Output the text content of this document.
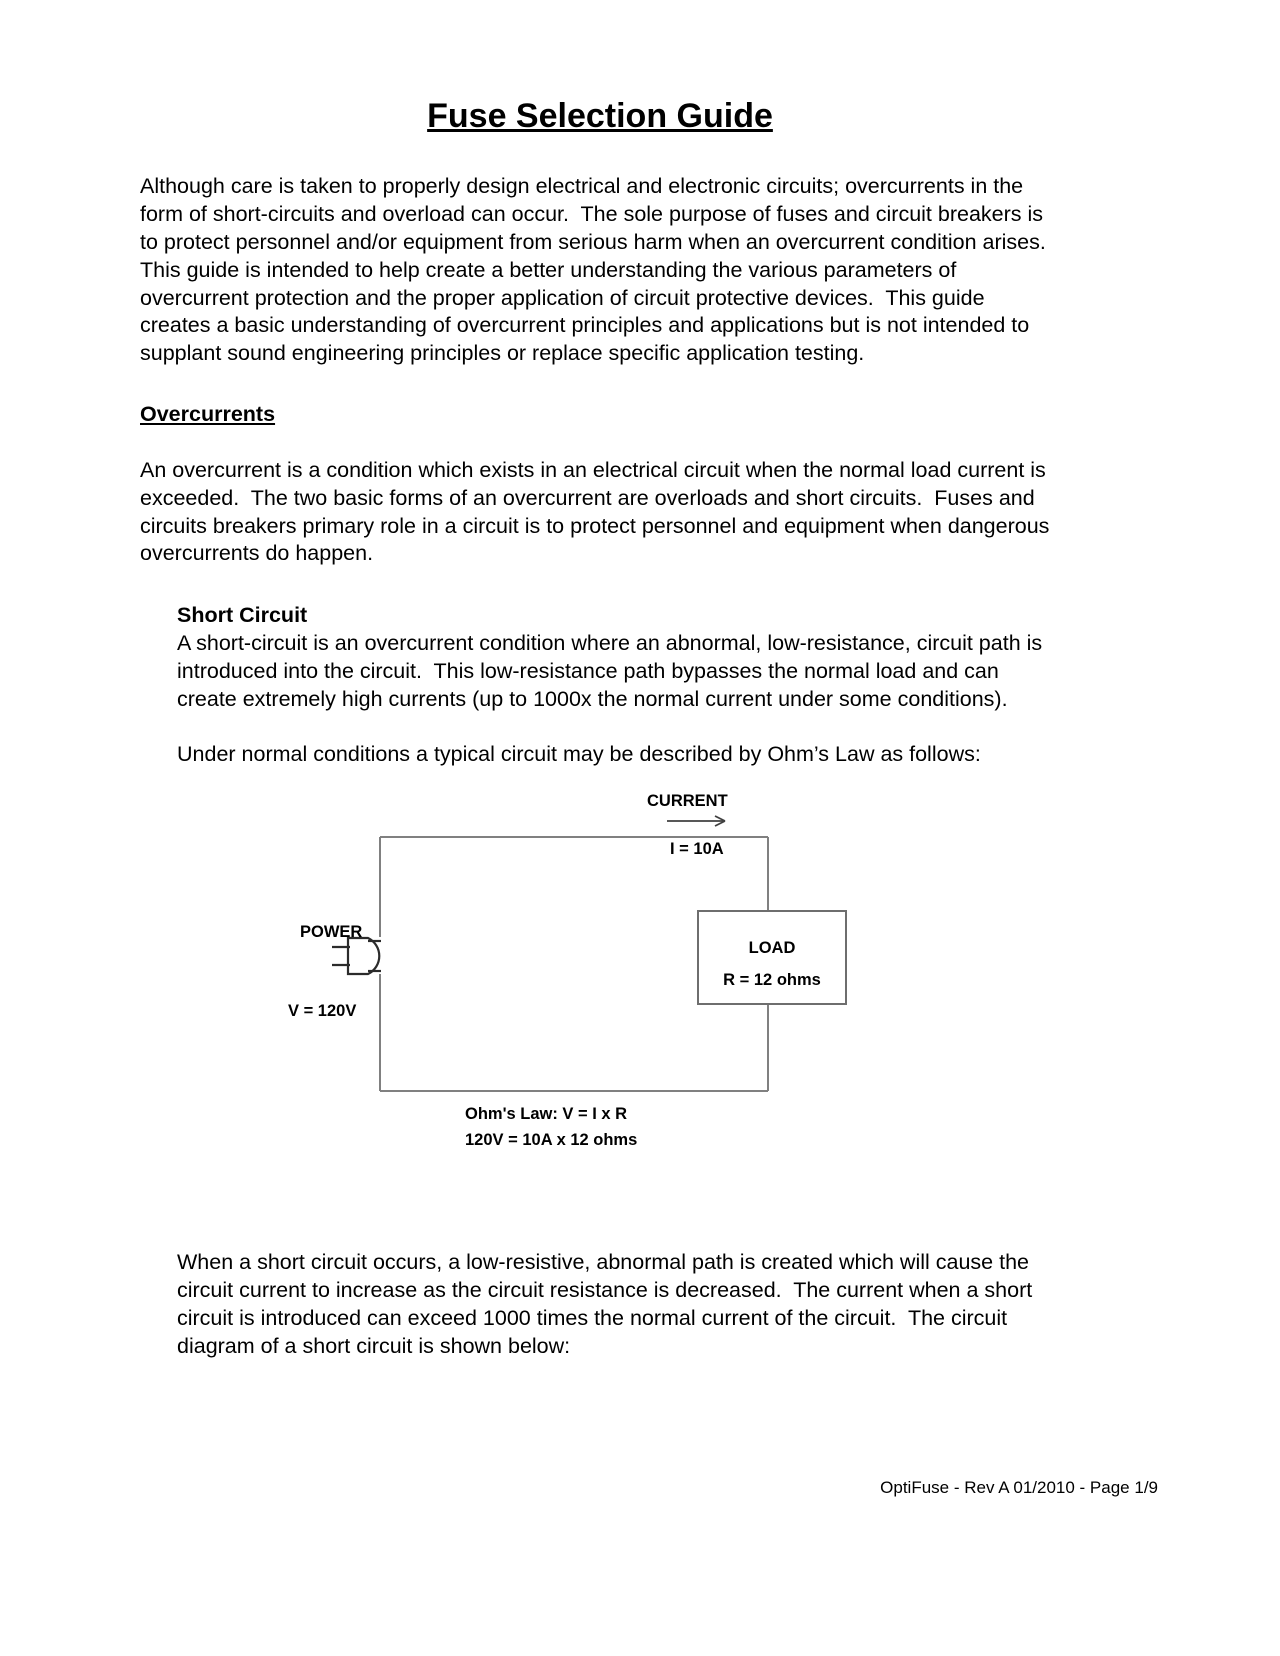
Fuse Selection Guide

Although care is taken to properly design electrical and electronic circuits; overcurrents in the form of short-circuits and overload can occur.  The sole purpose of fuses and circuit breakers is to protect personnel and/or equipment from serious harm when an overcurrent condition arises.  This guide is intended to help create a better understanding the various parameters of overcurrent protection and the proper application of circuit protective devices.  This guide creates a basic understanding of overcurrent principles and applications but is not intended to supplant sound engineering principles or replace specific application testing.

Overcurrents

An overcurrent is a condition which exists in an electrical circuit when the normal load current is exceeded.  The two basic forms of an overcurrent are overloads and short circuits.  Fuses and circuits breakers primary role in a circuit is to protect personnel and equipment when dangerous overcurrents do happen.

Short Circuit

A short-circuit is an overcurrent condition where an abnormal, low-resistance, circuit path is introduced into the circuit.  This low-resistance path bypasses the normal load and can create extremely high currents (up to 1000x the normal current under some conditions).

Under normal conditions a typical circuit may be described by Ohm’s Law as follows:

CURRENT
I = 10A
POWER
V = 120V
LOAD
R = 12 ohms
Ohm's Law: V = I x R
120V = 10A x 12 ohms

When a short circuit occurs, a low-resistive, abnormal path is created which will cause the circuit current to increase as the circuit resistance is decreased.  The current when a short circuit is introduced can exceed 1000 times the normal current of the circuit.  The circuit diagram of a short circuit is shown below:

OptiFuse - Rev A 01/2010 - Page 1/9
